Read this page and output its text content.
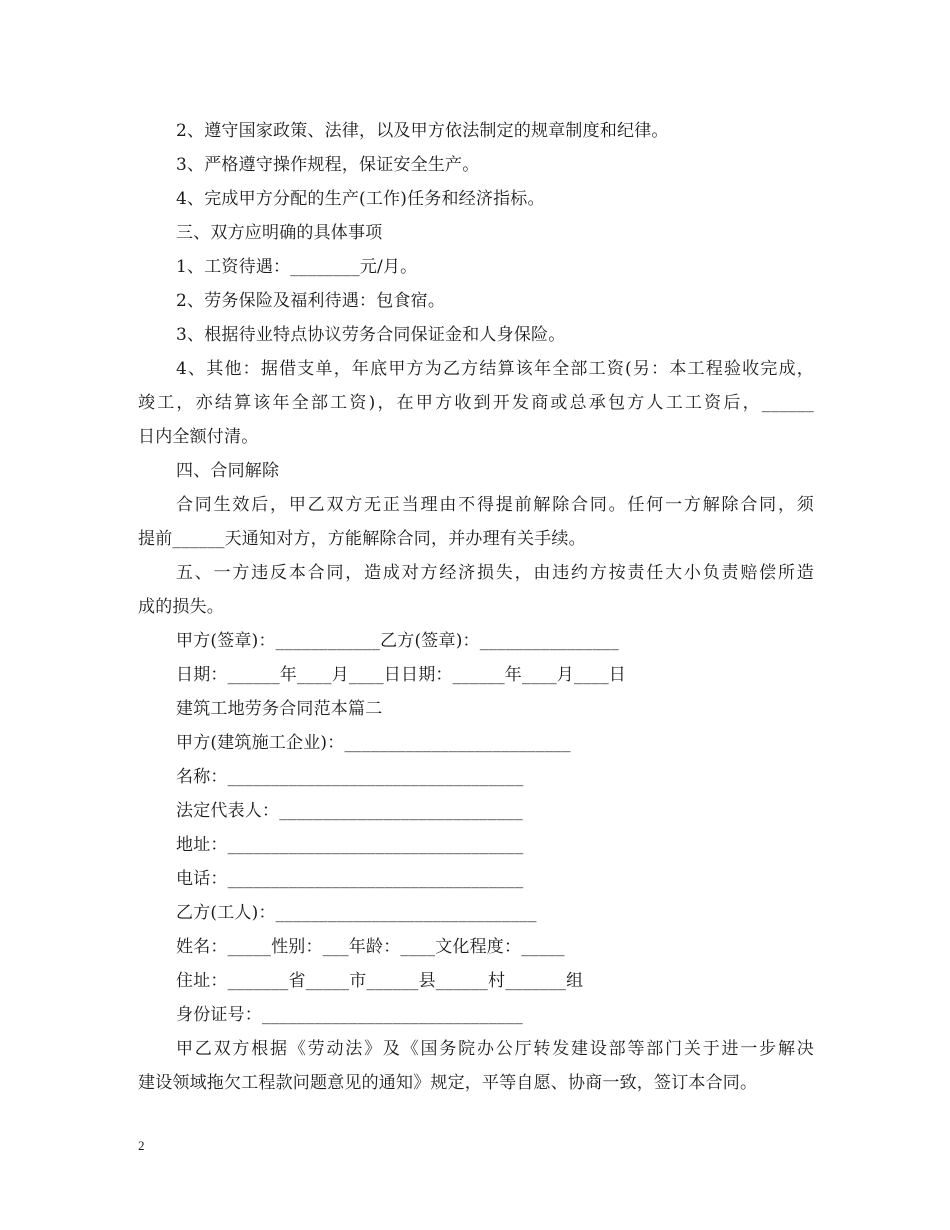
2、遵守国家政策、法律，以及甲方依法制定的规章制度和纪律。
3、严格遵守操作规程，保证安全生产。
4、完成甲方分配的生产(工作)任务和经济指标。
三、双方应明确的具体事项
1、工资待遇：________元/月。
2、劳务保险及福利待遇：包食宿。
3、根据待业特点协议劳务合同保证金和人身保险。
4、其他：据借支单，年底甲方为乙方结算该年全部工资(另：本工程验收完成，
竣工，亦结算该年全部工资)，在甲方收到开发商或总承包方人工工资后，______
日内全额付清。
四、合同解除
合同生效后，甲乙双方无正当理由不得提前解除合同。任何一方解除合同，须
提前______天通知对方，方能解除合同，并办理有关手续。
五、一方违反本合同，造成对方经济损失，由违约方按责任大小负责赔偿所造
成的损失。
甲方(签章)：____________乙方(签章)：________________
日期：______年____月____日日期：______年____月____日
建筑工地劳务合同范本篇二
甲方(建筑施工企业)：__________________________
名称：__________________________________
法定代表人：____________________________
地址：__________________________________
电话：__________________________________
乙方(工人)：______________________________
姓名：_____性别：___年龄：____文化程度：_____
住址：_______省_____市______县______村_______组
身份证号：______________________________
甲乙双方根据《劳动法》及《国务院办公厅转发建设部等部门关于进一步解决
建设领域拖欠工程款问题意见的通知》规定，平等自愿、协商一致，签订本合同。
2
